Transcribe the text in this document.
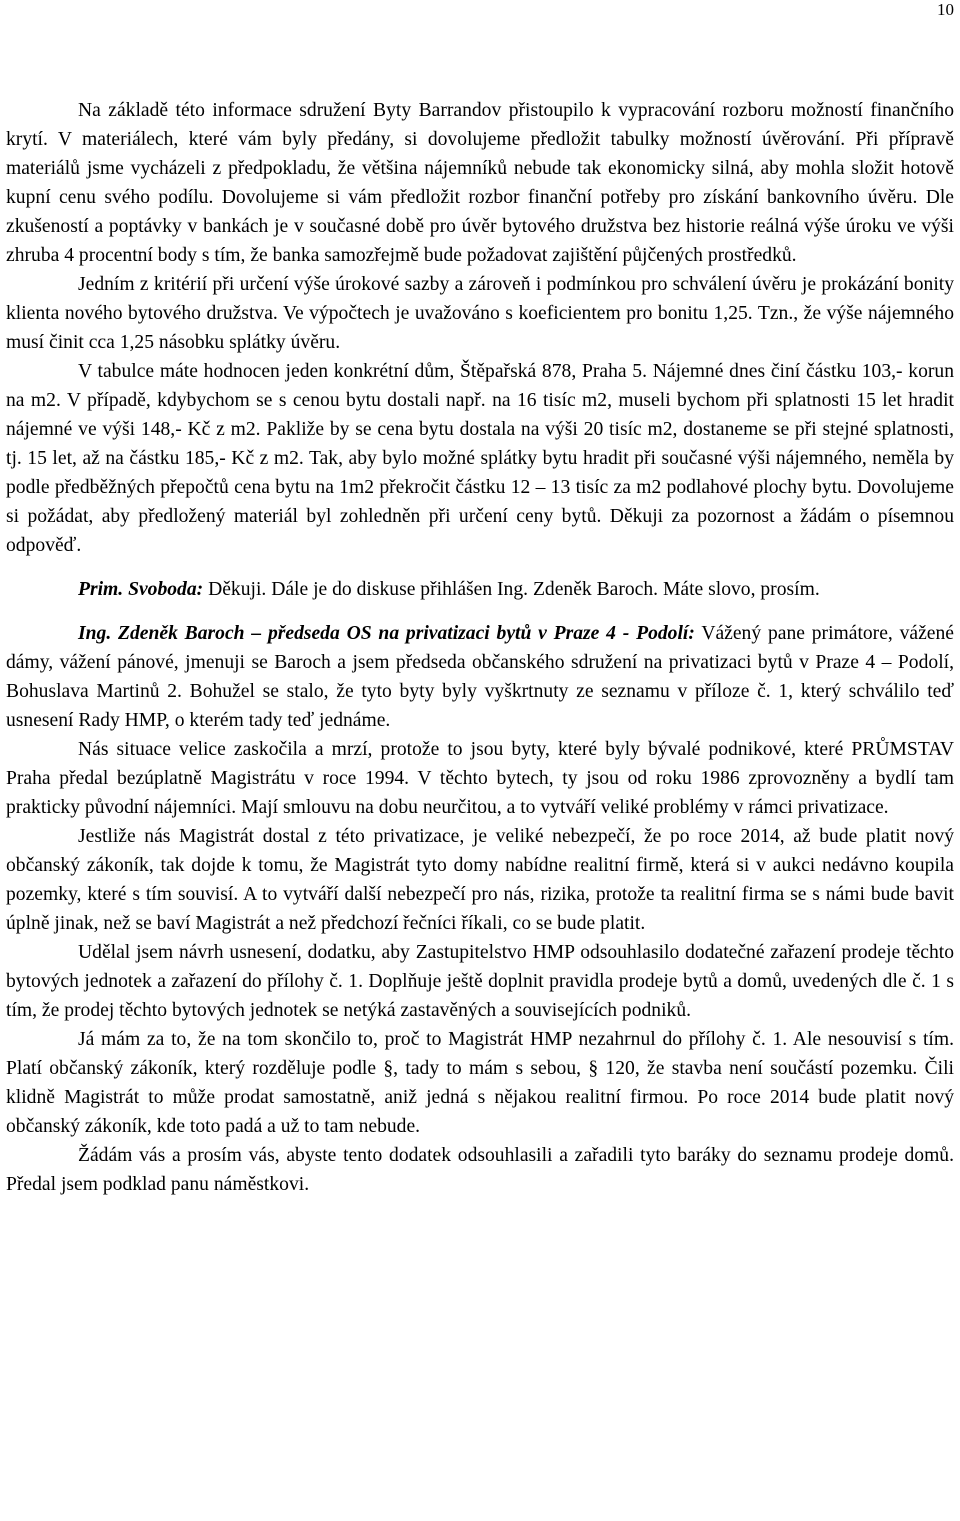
10

Na základě této informace sdružení Byty Barrandov přistoupilo k vypracování rozboru možností finančního krytí. V materiálech, které vám byly předány, si dovolujeme předložit tabulky možností úvěrování. Při přípravě materiálů jsme vycházeli z předpokladu, že většina nájemníků nebude tak ekonomicky silná, aby mohla složit hotově kupní cenu svého podílu. Dovolujeme si vám předložit rozbor finanční potřeby pro získání bankovního úvěru. Dle zkušeností a poptávky v bankách je v současné době pro úvěr bytového družstva bez historie reálná výše úroku ve výši zhruba 4 procentní body s tím, že banka samozřejmě bude požadovat zajištění půjčených prostředků.

Jedním z kritérií při určení výše úrokové sazby a zároveň i podmínkou pro schválení úvěru je prokázání bonity klienta nového bytového družstva. Ve výpočtech je uvažováno s koeficientem pro bonitu 1,25. Tzn., že výše nájemného musí činit cca 1,25 násobku splátky úvěru.

V tabulce máte hodnocen jeden konkrétní dům, Štěpařská 878, Praha 5. Nájemné dnes činí částku 103,- korun na m2. V případě, kdybychom se s cenou bytu dostali např. na 16 tisíc m2, museli bychom při splatnosti 15 let hradit nájemné ve výši 148,- Kč z m2. Pakliže by se cena bytu dostala na výši 20 tisíc m2, dostaneme se při stejné splatnosti, tj. 15 let, až na částku 185,- Kč z m2. Tak, aby bylo možné splátky bytu hradit při současné výši nájemného, neměla by podle předběžných přepočtů cena bytu na 1m2 překročit částku 12 – 13 tisíc za m2 podlahové plochy bytu. Dovolujeme si požádat, aby předložený materiál byl zohledněn při určení ceny bytů. Děkuji za pozornost a žádám o písemnou odpověď.

Prim. Svoboda: Děkuji. Dále je do diskuse přihlášen Ing. Zdeněk Baroch. Máte slovo, prosím.

Ing. Zdeněk Baroch – předseda OS na privatizaci bytů v Praze 4 - Podolí: Vážený pane primátore, vážené dámy, vážení pánové, jmenuji se Baroch a jsem předseda občanského sdružení na privatizaci bytů v Praze 4 – Podolí, Bohuslava Martinů 2. Bohužel se stalo, že tyto byty byly vyškrtnuty ze seznamu v příloze č. 1, který schválilo teď usnesení Rady HMP, o kterém tady teď jednáme.

Nás situace velice zaskočila a mrzí, protože to jsou byty, které byly bývalé podnikové, které PRŮMSTAV Praha předal bezúplatně Magistrátu v roce 1994. V těchto bytech, ty jsou od roku 1986 zprovozněny a bydlí tam prakticky původní nájemníci. Mají smlouvu na dobu neurčitou, a to vytváří veliké problémy v rámci privatizace.

Jestliže nás Magistrát dostal z této privatizace, je veliké nebezpečí, že po roce 2014, až bude platit nový občanský zákoník, tak dojde k tomu, že Magistrát tyto domy nabídne realitní firmě, která si v aukci nedávno koupila pozemky, které s tím souvisí. A to vytváří další nebezpečí pro nás, rizika, protože ta realitní firma se s námi bude bavit úplně jinak, než se baví Magistrát a než předchozí řečníci říkali, co se bude platit.

Udělal jsem návrh usnesení, dodatku, aby Zastupitelstvo HMP odsouhlasilo dodatečné zařazení prodeje těchto bytových jednotek a zařazení do přílohy č. 1. Doplňuje ještě doplnit pravidla prodeje bytů a domů, uvedených dle č. 1 s tím, že prodej těchto bytových jednotek se netýká zastavěných a souvisejících podniků.

Já mám za to, že na tom skončilo to, proč to Magistrát HMP nezahrnul do přílohy č. 1. Ale nesouvisí s tím. Platí občanský zákoník, který rozděluje podle §, tady to mám s sebou, § 120, že stavba není součástí pozemku. Čili klidně Magistrát to může prodat samostatně, aniž jedná s nějakou realitní firmou. Po roce 2014 bude platit nový občanský zákoník, kde toto padá a už to tam nebude.

Žádám vás a prosím vás, abyste tento dodatek odsouhlasili a zařadili tyto baráky do seznamu prodeje domů. Předal jsem podklad panu náměstkovi.
